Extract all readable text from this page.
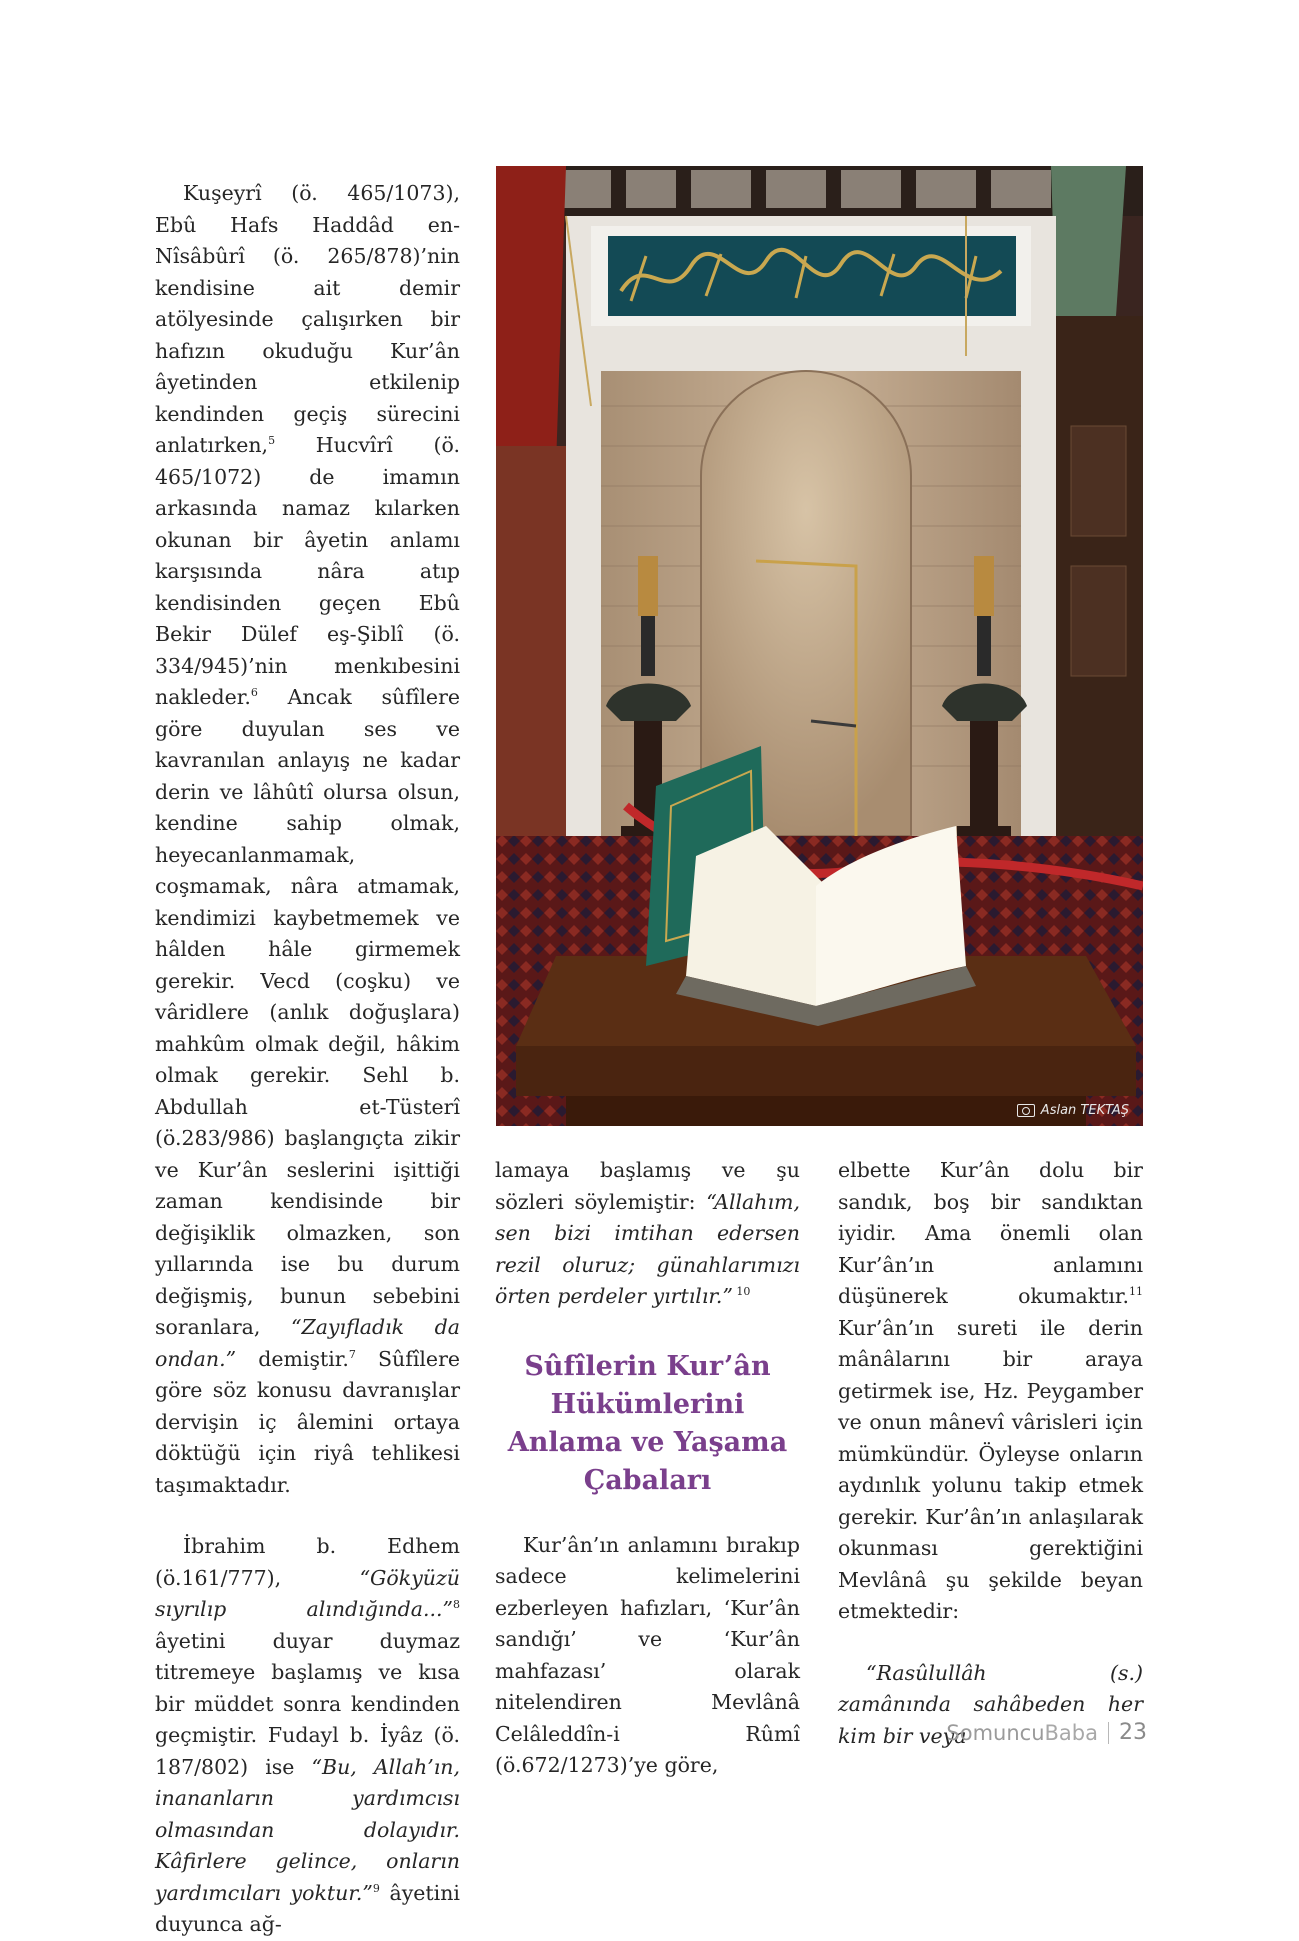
Kuşeyrî (ö. 465/1073), Ebû Hafs Haddâd en-Nîsâbûrî (ö. 265/878)’nin kendisine ait demir atölyesinde çalışırken bir hafızın okuduğu Kur’ân âyetinden etkilenip kendinden geçiş sürecini anlatırken,$^5$ Hucvîrî (ö. 465/1072) de imamın arkasında namaz kılarken okunan bir âyetin anlamı karşısında nâra atıp kendisinden geçen Ebû Bekir Dülef eş-Şiblî (ö. 334/945)’nin menkıbesini nakleder.$^6$ Ancak sûfîlere göre duyulan ses ve kavranılan anlayış ne kadar derin ve lâhûtî olursa olsun, kendine sahip olmak, heyecanlanmamak, coşmamak, nâra atmamak, kendimizi kaybetmemek ve hâlden hâle girmemek gerekir. Vecd (coşku) ve vâridlere (anlık doğuşlara) mahkûm olmak değil, hâkim olmak gerekir. Sehl b. Abdullah et-Tüsterî (ö.283/986) başlangıçta zikir ve Kur’ân seslerini işittiği zaman kendisinde bir değişiklik olmazken, son yıllarında ise bu durum değişmiş, bunun sebebini soranlara, “Zayıfladık da ondan.” demiştir.$^7$ Sûfîlere göre söz konusu davranışlar dervişin iç âlemini ortaya döktüğü için riyâ tehlikesi taşımaktadır.

İbrahim b. Edhem (ö.161/777), “Gökyüzü sıyrılıp alındığında...”$^8$ âyetini duyar duymaz titremeye başlamış ve kısa bir müddet sonra kendinden geçmiştir. Fudayl b. İyâz (ö. 187/802) ise “Bu, Allah’ın, inananların yardımcısı olmasından dolayıdır. Kâfirlere gelince, onların yardımcıları yoktur.”$^9$ âyetini duyunca ağ-

Aslan TEKTAŞ

lamaya başlamış ve şu sözleri söylemiştir: “Allahım, sen bizi imtihan edersen rezil oluruz; günahlarımızı örten perdeler yırtılır.” $^{10}$

Sûfîlerin Kur’ân Hükümlerini Anlama ve Yaşama Çabaları

Kur’ân’ın anlamını bırakıp sadece kelimelerini ezberleyen hafızları, ‘Kur’ân sandığı’ ve ‘Kur’ân mahfazası’ olarak nitelendiren Mevlânâ Celâleddîn-i Rûmî (ö.672/1273)’ye göre,

elbette Kur’ân dolu bir sandık, boş bir sandıktan iyidir. Ama önemli olan Kur’ân’ın anlamını düşünerek okumaktır.$^{11}$ Kur’ân’ın sureti ile derin mânâlarını bir araya getirmek ise, Hz. Peygamber ve onun mânevî vârisleri için mümkündür. Öyleyse onların aydınlık yolunu takip etmek gerekir. Kur’ân’ın anlaşılarak okunması gerektiğini Mevlânâ şu şekilde beyan etmektedir:

“Rasûlullâh (s.) zamânında sahâbeden her kim bir veya

SomuncuBaba 23
